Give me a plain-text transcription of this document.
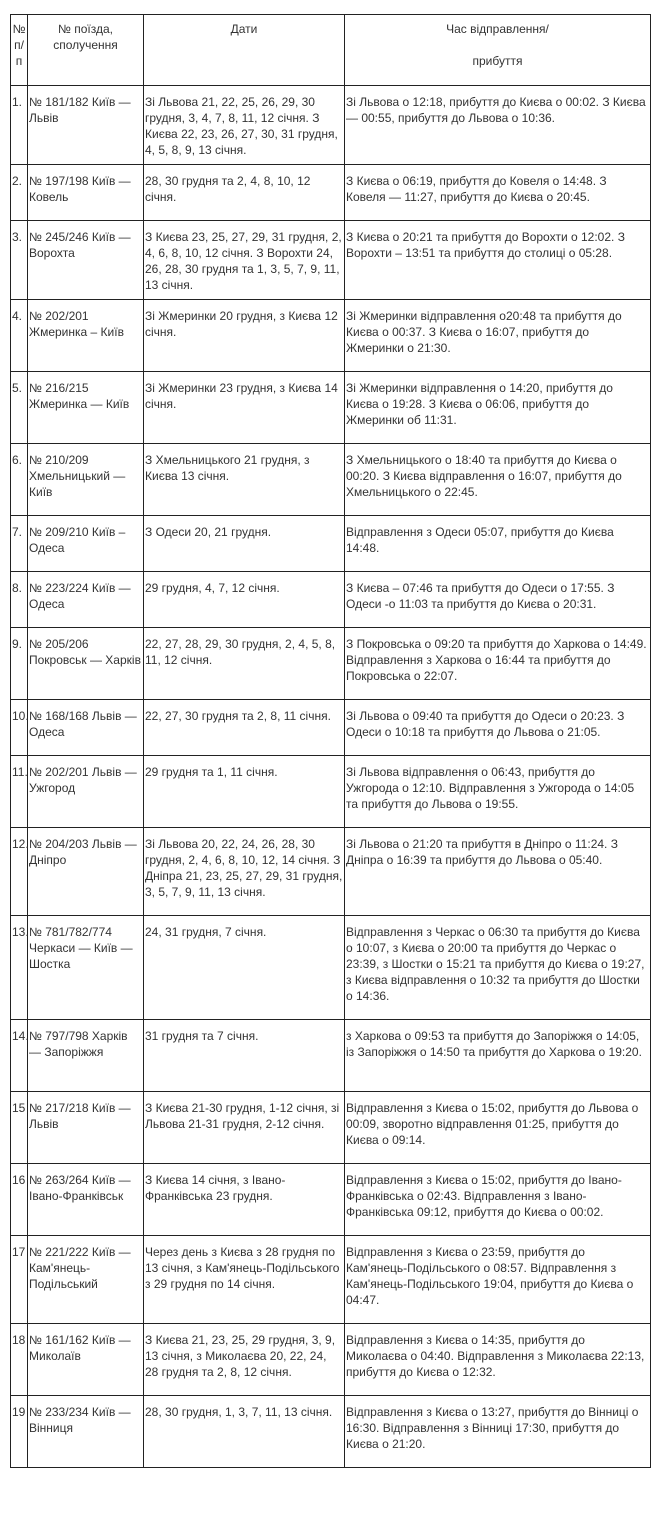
№ п/п	№ поїзда, сполучення	Дати	Час відправлення/
прибуття

1.	№ 181/182 Київ — Львів	Зі Львова 21, 22, 25, 26, 29, 30 грудня, 3, 4, 7, 8, 11, 12 січня. З Києва 22, 23, 26, 27, 30, 31 грудня, 4, 5, 8, 9, 13 січня.	Зі Львова о 12:18, прибуття до Києва о 00:02. З Києва — 00:55, прибуття до Львова о 10:36.

2.	№ 197/198 Київ — Ковель	28, 30 грудня та 2, 4, 8, 10, 12 січня.	З Києва о 06:19, прибуття до Ковеля о 14:48. З Ковеля — 11:27, прибуття до Києва о 20:45.

3.	№ 245/246 Київ — Ворохта	З Києва 23, 25, 27, 29, 31 грудня, 2, 4, 6, 8, 10, 12 січня. З Ворохти 24, 26, 28, 30 грудня та 1, 3, 5, 7, 9, 11, 13 січня.	З Києва о 20:21 та прибуття до Ворохти о 12:02. З Ворохти – 13:51 та прибуття до столиці о 05:28.

4.	№ 202/201 Жмеринка – Київ	Зі Жмеринки 20 грудня, з Києва 12 січня.	Зі Жмеринки відправлення о20:48 та прибуття до Києва о 00:37. З Києва о 16:07, прибуття до Жмеринки о 21:30.

5.	№ 216/215 Жмеринка — Київ	Зі Жмеринки 23 грудня, з Києва 14 січня.	Зі Жмеринки відправлення о 14:20, прибуття до Києва о 19:28. З Києва о 06:06, прибуття до Жмеринки об 11:31.

6.	№ 210/209 Хмельницький — Київ	З Хмельницького 21 грудня, з Києва 13 січня.	З Хмельницького о 18:40 та прибуття до Києва о 00:20. З Києва відправлення о 16:07, прибуття до Хмельницького о 22:45.

7.	№ 209/210 Київ – Одеса	З Одеси 20, 21 грудня.	Відправлення з Одеси 05:07, прибуття до Києва 14:48.

8.	№ 223/224 Київ — Одеса	29 грудня, 4, 7, 12 січня.	З Києва – 07:46 та прибуття до Одеси о 17:55. З Одеси -о 11:03 та прибуття до Києва о 20:31.

9.	№ 205/206 Покровськ — Харків	22, 27, 28, 29, 30 грудня, 2, 4, 5, 8, 11, 12 січня.	З Покровська о 09:20 та прибуття до Харкова о 14:49. Відправлення з Харкова о 16:44 та прибуття до Покровська о 22:07.

10.	№ 168/168 Львів — Одеса	22, 27, 30 грудня та 2, 8, 11 січня.	Зі Львова о 09:40 та прибуття до Одеси о 20:23. З Одеси о 10:18 та прибуття до Львова о 21:05.

11.	№ 202/201 Львів — Ужгород	29 грудня та 1, 11 січня.	Зі Львова відправлення о 06:43, прибуття до Ужгорода о 12:10. Відправлення з Ужгорода о 14:05 та прибуття до Львова о 19:55.

12.	№ 204/203 Львів — Дніпро	Зі Львова 20, 22, 24, 26, 28, 30 грудня, 2, 4, 6, 8, 10, 12, 14 січня. З Дніпра 21, 23, 25, 27, 29, 31 грудня, 3, 5, 7, 9, 11, 13 січня.	Зі Львова о 21:20 та прибуття в Дніпро о 11:24. З Дніпра о 16:39 та прибуття до Львова о 05:40.

13.	№ 781/782/774 Черкаси — Київ — Шостка	24, 31 грудня, 7 січня.	Відправлення з Черкас о 06:30 та прибуття до Києва о 10:07, з Києва о 20:00 та прибуття до Черкас о 23:39, з Шостки о 15:21 та прибуття до Києва о 19:27, з Києва відправлення о 10:32 та прибуття до Шостки о 14:36.

14.	№ 797/798 Харків — Запоріжжя	31 грудня та 7 січня.	з Харкова о 09:53 та прибуття до Запоріжжя о 14:05, із Запоріжжя о 14:50 та прибуття до Харкова о 19:20.

15	№ 217/218 Київ — Львів	З Києва 21-30 грудня, 1-12 січня, зі Львова 21-31 грудня, 2-12 січня.	Відправлення з Києва о 15:02, прибуття до Львова о 00:09, зворотно відправлення 01:25, прибуття до Києва о 09:14.

16	№ 263/264 Київ — Івано-Франківськ	З Києва 14 січня, з Івано-Франківська 23 грудня.	Відправлення з Києва о 15:02, прибуття до Івано-Франківська о 02:43. Відправлення з Івано-Франківська 09:12, прибуття до Києва о 00:02.

17	№ 221/222 Київ — Кам'янець-Подільський	Через день з Києва з 28 грудня по 13 січня, з Кам'янець-Подільського з 29 грудня по 14 січня.	Відправлення з Києва о 23:59, прибуття до Кам'янець-Подільського о 08:57. Відправлення з Кам'янець-Подільського 19:04, прибуття до Києва о 04:47.

18	№ 161/162 Київ — Миколаїв	З Києва 21, 23, 25, 29 грудня, 3, 9, 13 січня, з Миколаєва 20, 22, 24, 28 грудня та 2, 8, 12 січня.	Відправлення з Києва о 14:35, прибуття до Миколаєва о 04:40. Відправлення з Миколаєва 22:13, прибуття до Києва о 12:32.

19	№ 233/234 Київ — Вінниця	28, 30 грудня, 1, 3, 7, 11, 13 січня.	Відправлення з Києва о 13:27, прибуття до Вінниці о 16:30. Відправлення з Вінниці 17:30, прибуття до Києва о 21:20.
